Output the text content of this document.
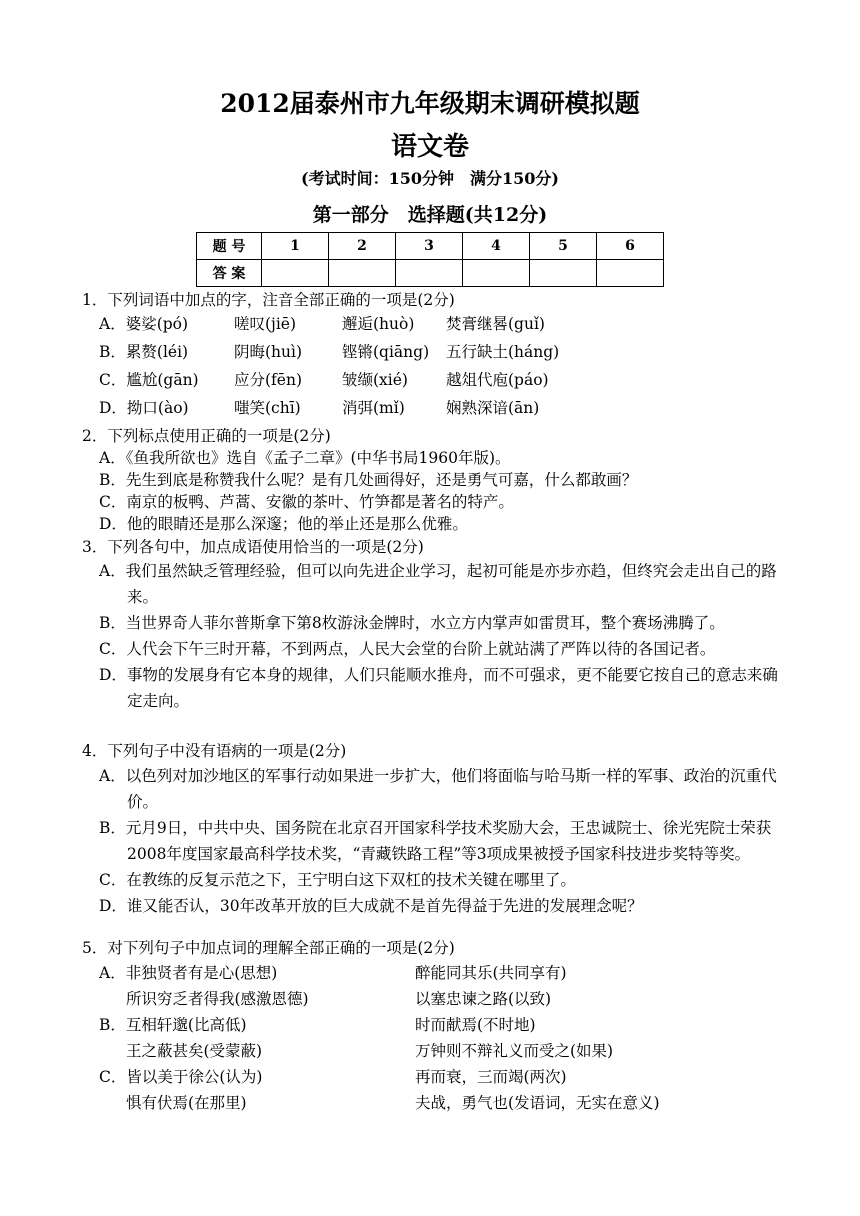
2012届泰州市九年级期末调研模拟题
语文卷
(考试时间：150分钟　满分150分)
第一部分　选择题(共12分)
题 号	1	2	3	4	5	6
答 案						
1．下列词语中加点的字，注音全部正确的一项是(2分)
A．婆娑(pó)	嗟叹(jiē)	邂逅(huò) 焚膏继晷(guǐ)
B．累赘(léi)	阴晦(huì)	铿锵(qiāng) 五行缺土(háng)
C．尴尬(gān) 应分(fēn)	皱缬(xié) 越俎代庖(páo)
D．拗口(ào)	嗤笑(chī)	消弭(mǐ)	娴熟深谙(ān)
2．下列标点使用正确的一项是(2分)
A．《鱼我所欲也》选自《孟子二章》(中华书局1960年版)。
B．先生到底是称赞我什么呢？是有几处画得好，还是勇气可嘉，什么都敢画？
C．南京的板鸭、芦蒿、安徽的茶叶、竹笋都是著名的特产。
D．他的眼睛还是那么深邃；他的举止还是那么优雅。
3．下列各句中，加点成语使用恰当的一项是(2分)
A．我们虽然缺乏管理经验，但可以向先进企业学习，起初可能是亦步亦趋，但终究会走出自己的路来。
B．当世界奇人菲尔普斯拿下第8枚游泳金牌时，水立方内掌声如雷贯耳，整个赛场沸腾了。
C．人代会下午三时开幕，不到两点，人民大会堂的台阶上就站满了严阵以待的各国记者。
D．事物的发展身有它本身的规律，人们只能顺水推舟，而不可强求，更不能要它按自己的意志来确定走向。
4．下列句子中没有语病的一项是(2分)
A．以色列对加沙地区的军事行动如果进一步扩大，他们将面临与哈马斯一样的军事、政治的沉重代价。
B．元月9日，中共中央、国务院在北京召开国家科学技术奖励大会，王忠诚院士、徐光宪院士荣获2008年度国家最高科学技术奖，“青藏铁路工程”等3项成果被授予国家科技进步奖特等奖。
C．在教练的反复示范之下，王宁明白这下双杠的技术关键在哪里了。
D．谁又能否认，30年改革开放的巨大成就不是首先得益于先进的发展理念呢？
5．对下列句子中加点词的理解全部正确的一项是(2分)
A．非独贤者有是心(思想)	醉能同其乐(共同享有)
所识穷乏者得我(感激恩德)	以塞忠谏之路(以致)
B．互相轩邈(比高低)	时而献焉(不时地)
王之蔽甚矣(受蒙蔽)	万钟则不辩礼义而受之(如果)
C．皆以美于徐公(认为)	再而衰，三而竭(两次)
惧有伏焉(在那里)	夫战，勇气也(发语词，无实在意义)
